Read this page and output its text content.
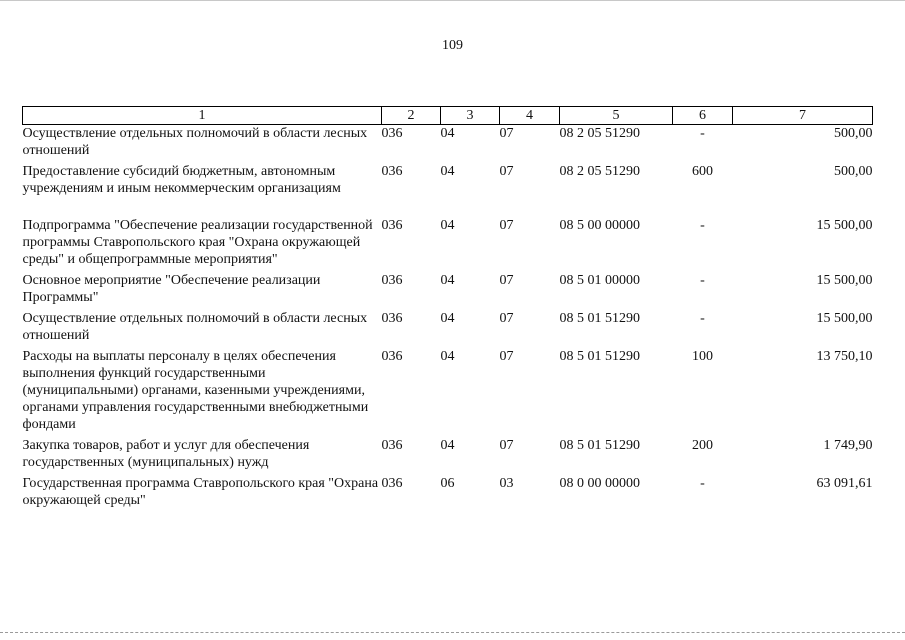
109
1	2	3	4	5	6	7
Осуществление отдельных полномочий в области лесных отношений	036	04	07	08 2 05 51290	-	500,00
Предоставление субсидий бюджетным, автономным учреждениям и иным некоммерческим организациям	036	04	07	08 2 05 51290	600	500,00

Подпрограмма "Обеспечение реализации государственной программы Ставропольского края "Охрана окружающей среды" и общепрограммные мероприятия"	036	04	07	08 5 00 00000	-	15 500,00
Основное мероприятие "Обеспечение реализации Программы"	036	04	07	08 5 01 00000	-	15 500,00
Осуществление отдельных полномочий в области лесных отношений	036	04	07	08 5 01 51290	-	15 500,00
Расходы на выплаты персоналу в целях обеспечения выполнения функций государственными (муниципальными) органами, казенными учреждениями, органами управления государственными внебюджетными фондами	036	04	07	08 5 01 51290	100	13 750,10
Закупка товаров, работ и услуг для обеспечения государственных (муниципальных) нужд	036	04	07	08 5 01 51290	200	1 749,90
Государственная программа Ставропольского края "Охрана окружающей среды"	036	06	03	08 0 00 00000	-	63 091,61
